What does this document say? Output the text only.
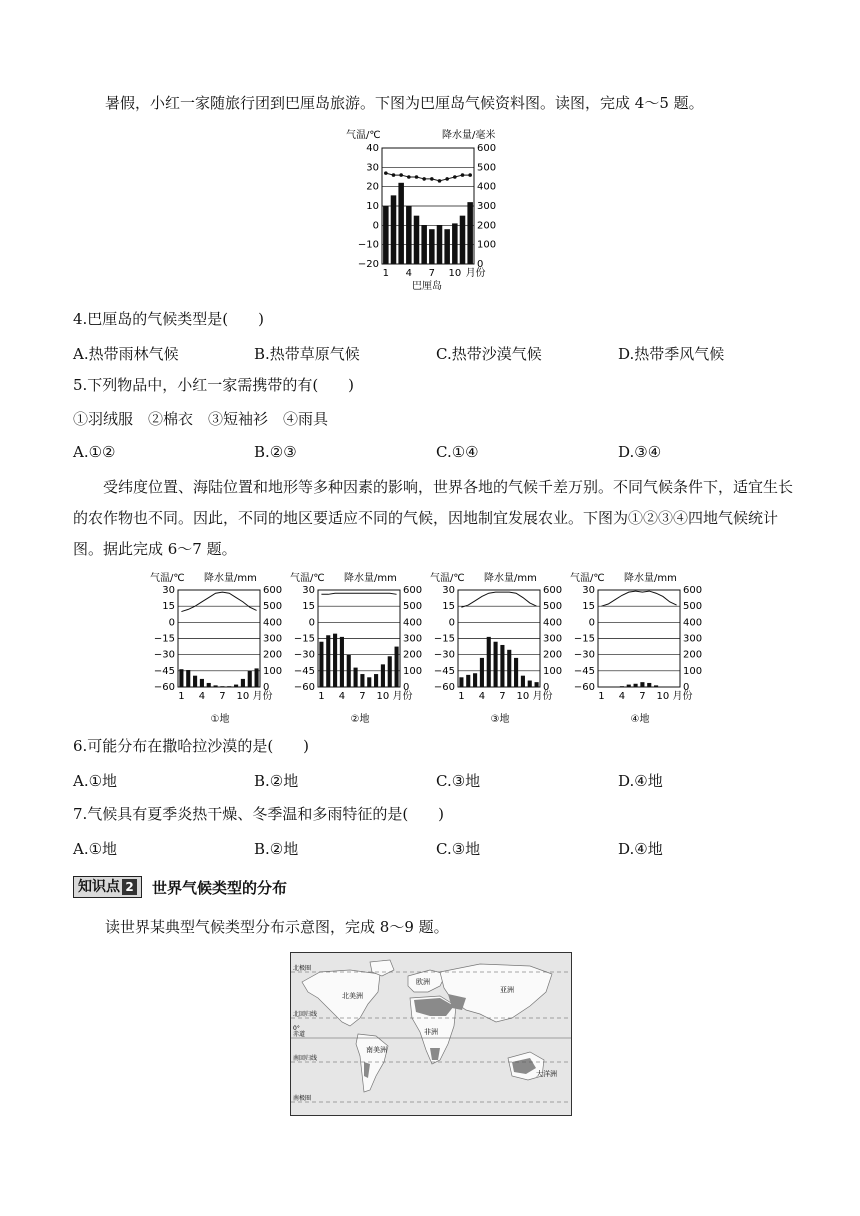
暑假，小红一家随旅行团到巴厘岛旅游。下图为巴厘岛气候资料图。读图，完成 4～5 题。
气温/℃	降水量/毫米
40	600
30	500
20	400
10	300
0	200
−10	100
−20	0
1 4 7 10 月份
巴厘岛
4.巴厘岛的气候类型是(　　)
A.热带雨林气候	B.热带草原气候	C.热带沙漠气候	D.热带季风气候
5.下列物品中，小红一家需携带的有(　　)
①羽绒服　②棉衣　③短袖衫　④雨具
A.①②	B.②③	C.①④	D.③④
受纬度位置、海陆位置和地形等多种因素的影响，世界各地的气候千差万别。不同气候条件下，适宜生长的农作物也不同。因此，不同的地区要适应不同的气候，因地制宜发展农业。下图为①②③④四地气候统计图。据此完成 6～7 题。
气温/℃ 降水量/mm
30	600
15	500
0	400
−15	300
−30	200
−45	100
−60	0
1 4 7 10 月份
①地
气温/℃ 降水量/mm
30	600
15	500
0	400
−15	300
−30	200
−45	100
−60	0
1 4 7 10 月份
②地
气温/℃ 降水量/mm
30	600
15	500
0	400
−15	300
−30	200
−45	100
−60	0
1 4 7 10 月份
③地
气温/℃ 降水量/mm
30	600
15	500
0	400
−15	300
−30	200
−45	100
−60	0
1 4 7 10 月份
④地
6.可能分布在撒哈拉沙漠的是(　　)
A.①地	B.②地	C.③地	D.④地
7.气候具有夏季炎热干燥、冬季温和多雨特征的是(　　)
A.①地	B.②地	C.③地	D.④地
知识点 2 世界气候类型的分布
读世界某典型气候类型分布示意图，完成 8～9 题。
北极圈
北回归线
0°
赤道
南回归线
南极圈
北美洲
欧洲
亚洲
非洲
南美洲
大洋洲
